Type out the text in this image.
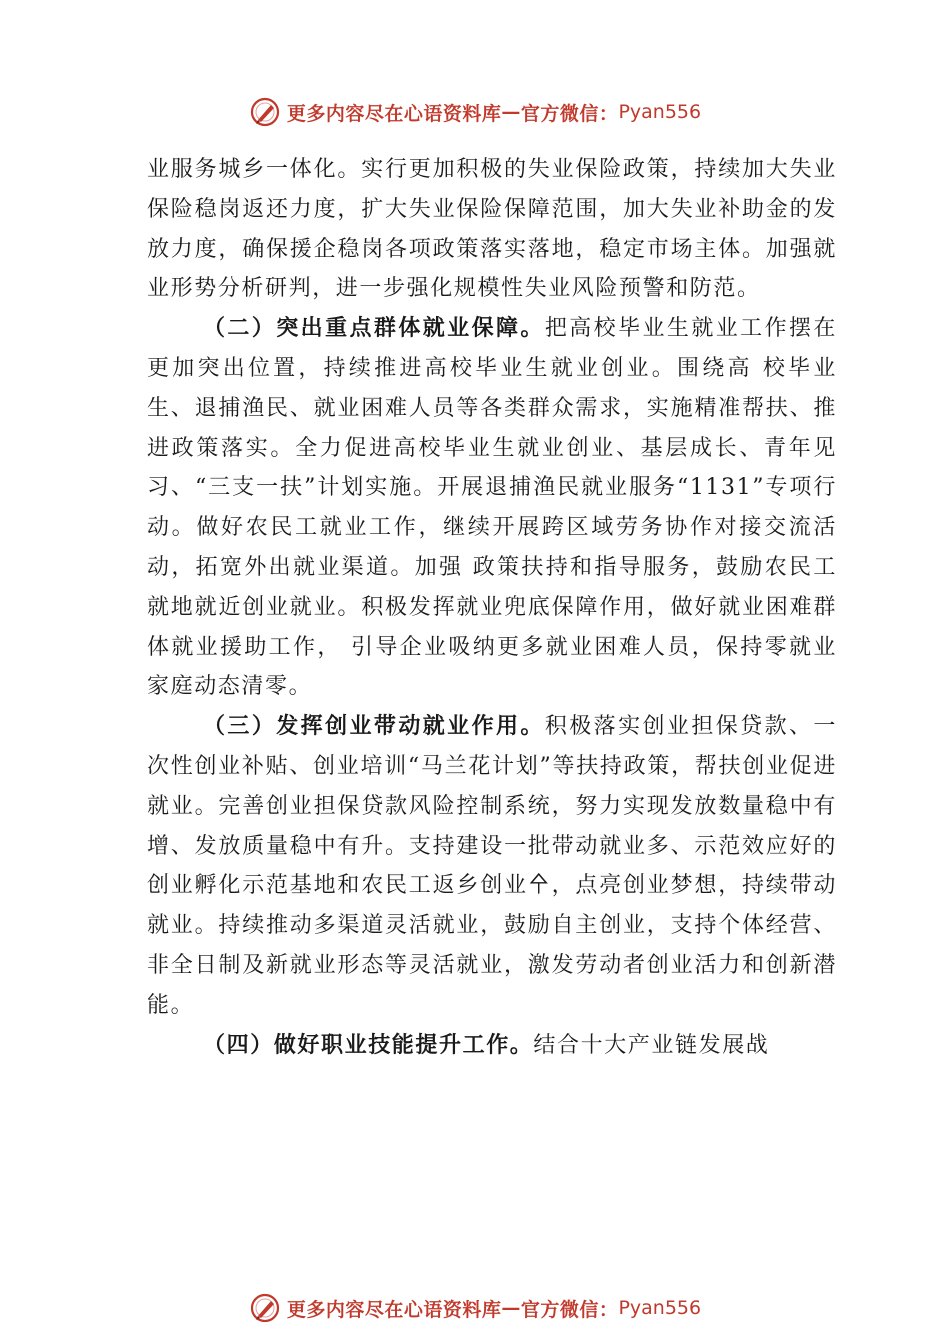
更多内容尽在心语资料库 — 官方微信： Pyan556

业服务城乡一体化。实行更加积极的失业保险政策，持续加大失业保险稳岗返还力度，扩大失业保险保障范围，加大失业补助金的发放力度，确保援企稳岗各项政策落实落地，稳定市场主体。加强就业形势分析研判，进一步强化规模性失业风险预警和防范。

（二）突出重点群体就业保障。把高校毕业生就业工作摆在更加突出位置，持续推进高校毕业生就业创业。围绕高 校毕业生、退捕渔民、就业困难人员等各类群众需求，实施精准帮扶、推进政策落实。全力促进高校毕业生就业创业、基层成长、青年见习、“三支一扶”计划实施。开展退捕渔民就业服务“1131”专项行动。做好农民工就业工作，继续开展跨区域劳务协作对接交流活动，拓宽外出就业渠道。加强 政策扶持和指导服务，鼓励农民工就地就近创业就业。积极发挥就业兜底保障作用，做好就业困难群体就业援助工作， 引导企业吸纳更多就业困难人员，保持零就业家庭动态清零。

（三）发挥创业带动就业作用。积极落实创业担保贷款、一次性创业补贴、创业培训“马兰花计划”等扶持政策，帮扶创业促进就业。完善创业担保贷款风险控制系统，努力实现发放数量稳中有增、发放质量稳中有升。支持建设一批带动就业多、示范效应好的创业孵化示范基地和农民工返乡创业㐃，点亮创业梦想，持续带动就业。持续推动多渠道灵活就业，鼓励自主创业，支持个体经营、非全日制及新就业形态等灵活就业，激发劳动者创业活力和创新潜能。

（四）做好职业技能提升工作。结合十大产业链发展战

更多内容尽在心语资料库 — 官方微信： Pyan556
